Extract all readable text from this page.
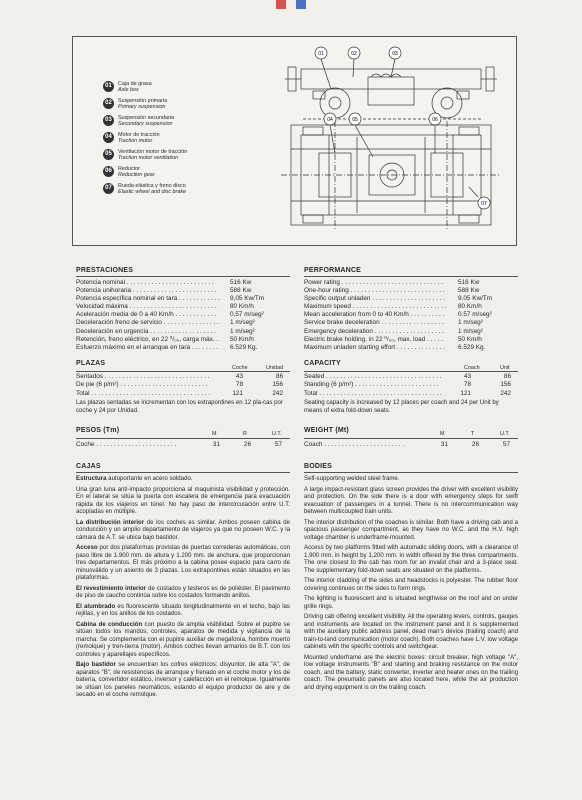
01	Caja de grasa
Axle box
02	Suspensión primaria
Primary suspension
03	Suspensión secundaria
Secondary suspension
04	Motor de tracción
Traction motor
05	Ventilación motor de tracción
Traction motor ventilation
06	Reductor
Reduction gear
07	Rueda elástica y freno disco
Elastic wheel and disc brake
01	02	03
04	05	06
07
PRESTACIONES
Potencia nominal . . . . . . . . . . . . . . . . . . . . . . . . .	516 Kw
Potencia unihoraria . . . . . . . . . . . . . . . . . . . . . . . .	588 Kw
Potencia específica nominal en tara . . . . . . . . . . . .	9,05 Kw/Tm
Velocidad máxima . . . . . . . . . . . . . . . . . . . . . . . . .	80 Km/h
Aceleración media de 0 a 40 Km/h . . . . . . . . . . . .	0,57 m/seg²
Deceleración freno de servicio . . . . . . . . . . . . . . . .	1 m/seg²
Deceleración en urgencia . . . . . . . . . . . . . . . . . . .	1 m/seg²
Retención, freno eléctrico, en 22 ⁰/₀₀, carga máx. .	50 Km/h
Esfuerzo máximo en el arranque en tara . . . . . . . .	6.529 Kg.
PERFORMANCE
Power rating . . . . . . . . . . . . . . . . . . . . . . . . . . . . .	516 Kw
One-hour rating . . . . . . . . . . . . . . . . . . . . . . . . . . .	588 Kw
Specific output unladen . . . . . . . . . . . . . . . . . . . . .	9.05 Kw/Tm
Maximum speed . . . . . . . . . . . . . . . . . . . . . . . . . . .	80 Km/h
Mean acceleration from 0 to 40 Km/h . . . . . . . . . .	0.57 m/seg²
Service brake deceleration . . . . . . . . . . . . . . . . . .	1 m/seg²
Emergency deceleration . . . . . . . . . . . . . . . . . . . .	1 m/seg²
Electric brake holding, in 22 ⁰/₀₀, max. load . . . . .	50 Km/h
Maximum unladen starting effort . . . . . . . . . . . . . .	6.529 Kg.
PLAZAS
Coche	Unidad
Sentados . . . . . . . . . . . . . . . . . . . . . . . . . . . . . .	43	86
De pie (6 p/m²) . . . . . . . . . . . . . . . . . . . . . . . . .	78	156
Total . . . . . . . . . . . . . . . . . . . . . . . . . . . . . . . . . .	121	242
Las plazas sentadas se incrementan con los extrapontines en 12 pla-cas por coche y 24 por Unidad.
CAPACITY
Coach	Unit
Seated . . . . . . . . . . . . . . . . . . . . . . . . . . . . . . . . .	43	86
Standing (6 p/m²) . . . . . . . . . . . . . . . . . . . . . . . .	78	156
Total . . . . . . . . . . . . . . . . . . . . . . . . . . . . . . . . . . .	121	242
Seating capacity is increased by 12 places per coach and 24 per Unit by means of extra fold-down seats.
PESOS (Tm)	M	R	U.T.
Coche . . . . . . . . . . . . . . . . . . . . . . .	31	26	57
WEIGHT (Mt)	M	T	U.T.
Coach . . . . . . . . . . . . . . . . . . . . . . .	31	26	57
CAJAS

Estructura autoportante en acero soldado.

Una gran luna anti-impacto proporciona al maquinista visibilidad y protección. En el lateral se sitúa la puerta con escalera de emergencia para evacuación rápida de los viajeros en túnel. No hay paso de intercirculación entre U.T. acopladas en múltiple.

La distribución interior de los coches es similar. Ambos poseen cabina de conducción y un amplio departamento de viajeros ya que no poseen W.C. y la cámara de A.T. se ubica bajo bastidor.

Acceso por dos plataformas provistas de puertas correderas automáticas, con paso libre de 1.900 mm. de altura y 1.200 mm. de anchura, que proporcionan tres departamentos. El más próximo a la cabina posee espacio para carro de minusválido y un asiento de 3 plazas. Los extrapontines están situados en las plataformas.

El revestimiento interior de costados y testeros es de poliéster. El pavimento de piso de caucho continúa sobre los costados formando anillos.

El alumbrado es fluorescente situado longitudinalmente en el techo, bajo las rejillas, y en los anillos de los costados.

Cabina de conducción con puesto de amplia visibilidad. Sobre el pupitre se sitúan todos los mandos, controles, aparatos de medida y vigilancia de la marcha. Se complementa con el pupitre auxiliar de megafonía, hombre muerto (remolque) y tren-tierra (motor). Ambos coches llevan armarios de B.T. con los controles y aparellajes específicos.

Bajo bastidor se encuentran los cofres eléctricos: disyuntor, de alta "A", de aparatos "B", de resistencias de arranque y frenado en el coche motor y los de batería, convertidor estático, inversor y calefacción en el remolque. Igualmente se sitúan los paneles neumáticos, estando el equipo productor de aire y de secado en el coche remolque.

BODIES

Self-supporting welded steel frame.

A large impact-resistant glass screen provides the driver with excellent visibility and protection. On the side there is a door with emergency steps for swift evacuation of passengers in a tunnel. There is no intercommunication way between multicoupled train units.

The interior distribution of the coaches is similar. Both have a driving cab and a spacious passenger compartment, as they have no W.C. and the H.V. high voltage chamber is underframe-mounted.

Access by two platforms fitted with automatic sliding doors, with a clearance of 1,900 mm. in height by 1,200 mm. in width offered by the three compartments. The one closest to the cab has room for an invalid chair and a 3-place seat. The supplementary fold-down seats are situated on the platforms.

The interior cladding of the sides and headstocks is polyester. The rubber floor covering continues on the sides to form rings.

The lighting is fluorescent and is situated lengthwise on the roof and on under grille rings.

Driving cab offering excellent visibility. All the operating levers, controls, gauges and instruments are located on the instrument panel and it is supplemented with the auxiliary public address panel, dead man's device (trailing coach) and train-to-land communication (motor coach). Both coaches have L.V. low voltage cabinets with the specific controls and switchgear.

Mounted underframe are the electric boxes: circuit breaker, high voltage "A", low voltage instruments "B" and starting and braking resistance on the motor coach, and the battery, static converter, inverter and heater ones on the trailing coach. The pneumatic panels are also located here, while the air production and drying equipment is on the trailing coach.
